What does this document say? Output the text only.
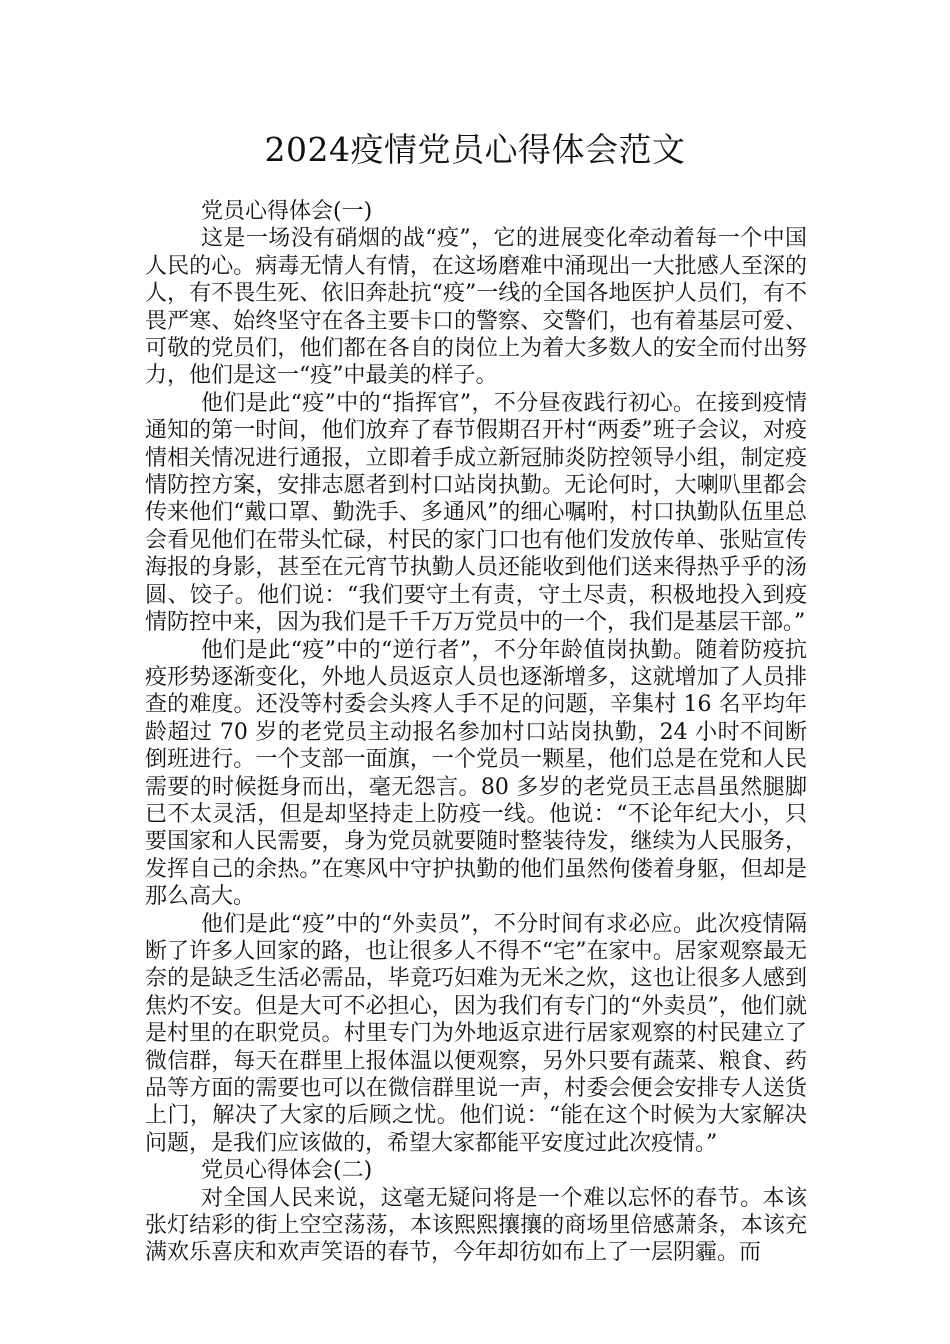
2024疫情党员心得体会范文

党员心得体会(一)

这是一场没有硝烟的战“疫”，它的进展变化牵动着每一个中国人民的心。病毒无情人有情，在这场磨难中涌现出一大批感人至深的人，有不畏生死、依旧奔赴抗“疫”一线的全国各地医护人员们，有不畏严寒、始终坚守在各主要卡口的警察、交警们，也有着基层可爱、可敬的党员们，他们都在各自的岗位上为着大多数人的安全而付出努力，他们是这一“疫”中最美的样子。

他们是此“疫”中的“指挥官”，不分昼夜践行初心。在接到疫情通知的第一时间，他们放弃了春节假期召开村“两委”班子会议，对疫情相关情况进行通报，立即着手成立新冠肺炎防控领导小组，制定疫情防控方案，安排志愿者到村口站岗执勤。无论何时，大喇叭里都会传来他们“戴口罩、勤洗手、多通风”的细心嘱咐，村口执勤队伍里总会看见他们在带头忙碌，村民的家门口也有他们发放传单、张贴宣传海报的身影，甚至在元宵节执勤人员还能收到他们送来得热乎乎的汤圆、饺子。他们说：“我们要守土有责，守土尽责，积极地投入到疫情防控中来，因为我们是千千万万党员中的一个，我们是基层干部。”

他们是此“疫”中的“逆行者”，不分年龄值岗执勤。随着防疫抗疫形势逐渐变化，外地人员返京人员也逐渐增多，这就增加了人员排查的难度。还没等村委会头疼人手不足的问题，辛集村 16 名平均年龄超过 70 岁的老党员主动报名参加村口站岗执勤，24 小时不间断倒班进行。一个支部一面旗，一个党员一颗星，他们总是在党和人民需要的时候挺身而出，毫无怨言。80 多岁的老党员王志昌虽然腿脚已不太灵活，但是却坚持走上防疫一线。他说：“不论年纪大小，只要国家和人民需要，身为党员就要随时整装待发，继续为人民服务，发挥自己的余热。”在寒风中守护执勤的他们虽然佝偻着身躯，但却是那么高大。

他们是此“疫”中的“外卖员”，不分时间有求必应。此次疫情隔断了许多人回家的路，也让很多人不得不“宅”在家中。居家观察最无奈的是缺乏生活必需品，毕竟巧妇难为无米之炊，这也让很多人感到焦灼不安。但是大可不必担心，因为我们有专门的“外卖员”，他们就是村里的在职党员。村里专门为外地返京进行居家观察的村民建立了微信群，每天在群里上报体温以便观察，另外只要有蔬菜、粮食、药品等方面的需要也可以在微信群里说一声，村委会便会安排专人送货上门，解决了大家的后顾之忧。他们说：“能在这个时候为大家解决问题，是我们应该做的，希望大家都能平安度过此次疫情。”

党员心得体会(二)

对全国人民来说，这毫无疑问将是一个难以忘怀的春节。本该张灯结彩的街上空空荡荡，本该熙熙攘攘的商场里倍感萧条，本该充满欢乐喜庆和欢声笑语的春节，今年却彷如布上了一层阴霾。而
